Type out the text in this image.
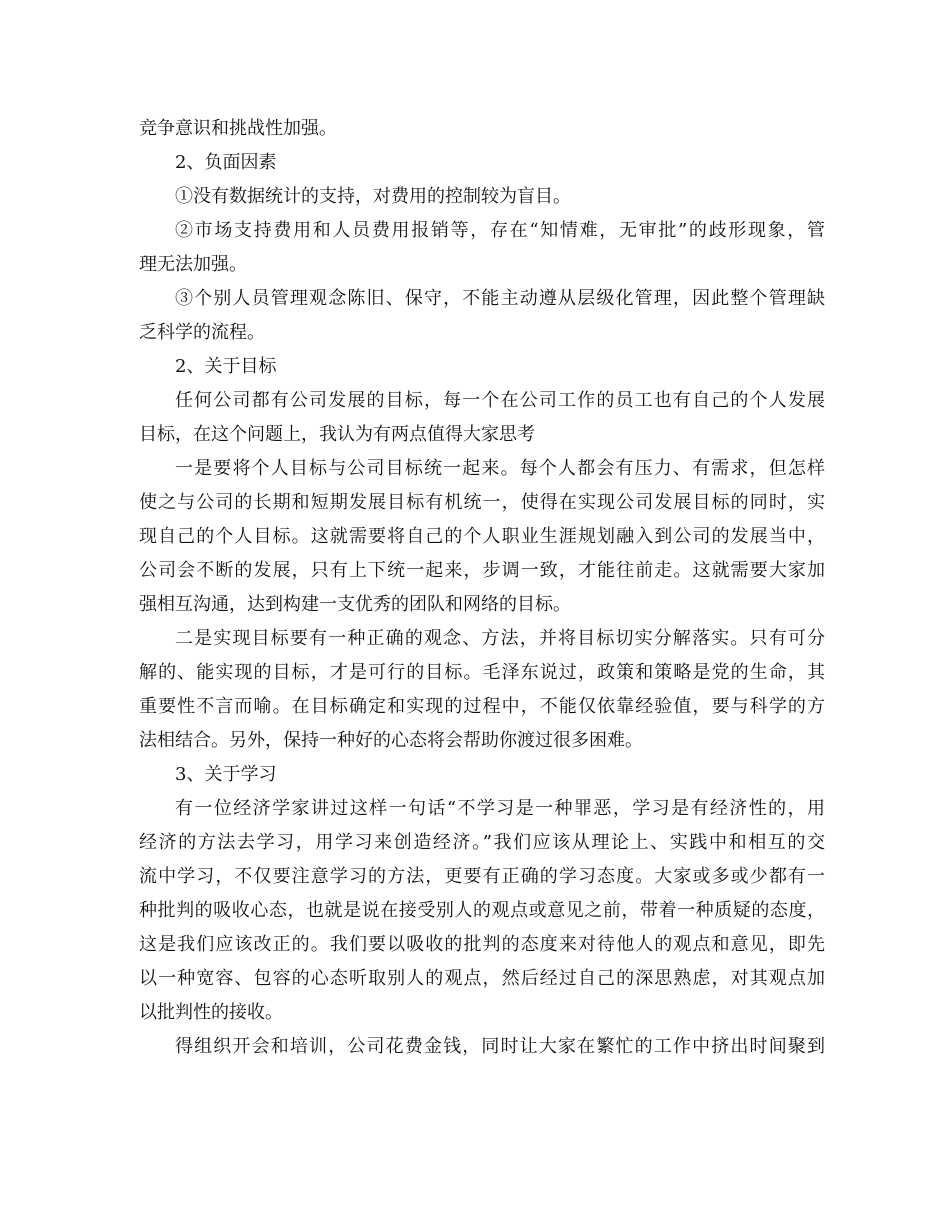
竞争意识和挑战性加强。
2、负面因素
①没有数据统计的支持，对费用的控制较为盲目。
②市场支持费用和人员费用报销等，存在“知情难，无审批”的歧形现象，管
理无法加强。
③个别人员管理观念陈旧、保守，不能主动遵从层级化管理，因此整个管理缺
乏科学的流程。
2、关于目标
任何公司都有公司发展的目标，每一个在公司工作的员工也有自己的个人发展
目标，在这个问题上，我认为有两点值得大家思考
一是要将个人目标与公司目标统一起来。每个人都会有压力、有需求，但怎样
使之与公司的长期和短期发展目标有机统一，使得在实现公司发展目标的同时，实
现自己的个人目标。这就需要将自己的个人职业生涯规划融入到公司的发展当中，
公司会不断的发展，只有上下统一起来，步调一致，才能往前走。这就需要大家加
强相互沟通，达到构建一支优秀的团队和网络的目标。
二是实现目标要有一种正确的观念、方法，并将目标切实分解落实。只有可分
解的、能实现的目标，才是可行的目标。毛泽东说过，政策和策略是党的生命，其
重要性不言而喻。在目标确定和实现的过程中，不能仅依靠经验值，要与科学的方
法相结合。另外，保持一种好的心态将会帮助你渡过很多困难。
3、关于学习
有一位经济学家讲过这样一句话“不学习是一种罪恶，学习是有经济性的，用
经济的方法去学习，用学习来创造经济。”我们应该从理论上、实践中和相互的交
流中学习，不仅要注意学习的方法，更要有正确的学习态度。大家或多或少都有一
种批判的吸收心态，也就是说在接受别人的观点或意见之前，带着一种质疑的态度，
这是我们应该改正的。我们要以吸收的批判的态度来对待他人的观点和意见，即先
以一种宽容、包容的心态听取别人的观点，然后经过自己的深思熟虑，对其观点加
以批判性的接收。
得组织开会和培训，公司花费金钱，同时让大家在繁忙的工作中挤出时间聚到
